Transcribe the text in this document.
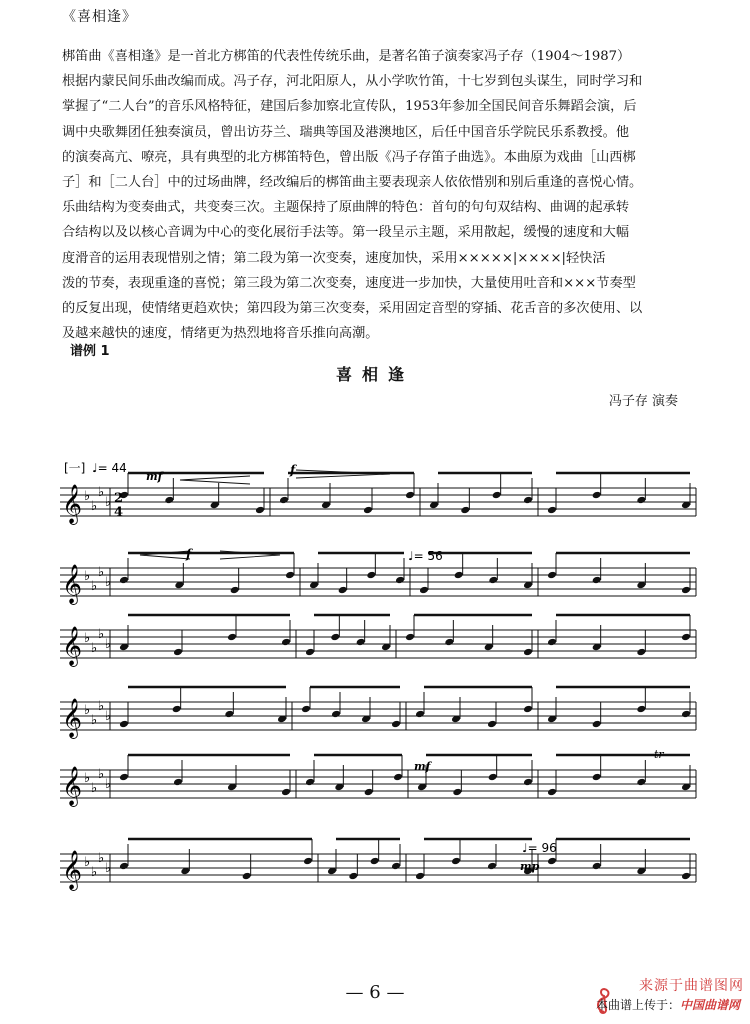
《喜相逢》
梆笛曲《喜相逢》是一首北方梆笛的代表性传统乐曲，是著名笛子演奏家冯子存（1904～1987）
根据内蒙民间乐曲改编而成。冯子存，河北阳原人，从小学吹竹笛，十七岁到包头谋生，同时学习和
掌握了“二人台”的音乐风格特征，建国后参加察北宣传队，1953年参加全国民间音乐舞蹈会演，后
调中央歌舞团任独奏演员，曾出访芬兰、瑞典等国及港澳地区，后任中国音乐学院民乐系教授。他
的演奏高亢、嘹亮，具有典型的北方梆笛特色，曾出版《冯子存笛子曲选》。本曲原为戏曲［山西梆
子］和［二人台］中的过场曲牌，经改编后的梆笛曲主要表现亲人依依惜别和别后重逢的喜悦心情。
乐曲结构为变奏曲式，共变奏三次。主题保持了原曲牌的特色：首句的句句双结构、曲调的起承转
合结构以及以核心音调为中心的变化展衍手法等。第一段呈示主题，采用散起，缓慢的速度和大幅
度滑音的运用表现惜别之情；第二段为第一次变奏，速度加快，采用×××××|××××|轻快活
泼的节奏，表现重逢的喜悦；第三段为第二次变奏，速度进一步加快，大量使用吐音和×××节奏型
的反复出现，使情绪更趋欢快；第四段为第三次变奏，采用固定音型的穿插、花舌音的多次使用、以
及越来越快的速度，情绪更为热烈地将音乐推向高潮。
谱例 1
喜相逢
冯子存 演奏
𝄞 ♭
♭
♭
♭
𝄞 ♭
♭
♭
♭
𝄞 ♭
♭
♭
♭
𝄞 ♭
♭
♭
♭
𝄞 ♭
♭
♭
♭
𝄞 ♭
♭
♭
♭
2
4
[一] ♩= 44
♩= 56
♩= 96
mf	f
f
mf
mp
tr
— 6 —	来源于曲谱图网
本曲谱上传于：中国曲谱网
